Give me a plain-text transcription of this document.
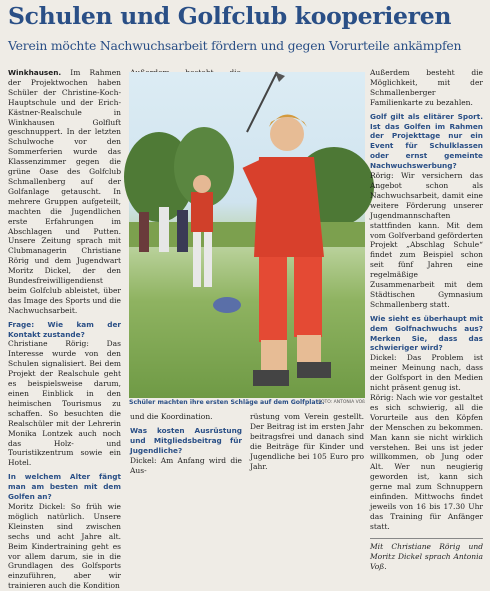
Schulen und Golfclub kooperieren
Verein möchte Nachwuchsarbeit fördern und gegen Vorurteile ankämpfen

Winkhausen. Im Rahmen der Projektwochen haben Schüler der Christine-Koch-Hauptschule und der Erich-Kästner-Realschule in Winkhausen Golfluft geschnuppert. In der letzten Schulwoche vor den Sommerferien wurde das Klassenzimmer gegen die grüne Oase des Golfclub Schmallenberg auf der Golfanlage getauscht. In mehrere Gruppen aufgeteilt, machten die Jugendlichen erste Erfahrungen im Abschlagen und Putten. Unsere Zeitung sprach mit Clubmanagerin Christiane Rörig und dem Jugendwart Moritz Dickel, der den Bundesfreiwilligendienst beim Golfclub ableistet, über das Image des Sports und die Nachwuchsarbeit.

Frage: Wie kam der Kontakt zustande?

Christiane Rörig: Das Interesse wurde von den Schulen signalisiert. Bei dem Projekt der Realschule geht es beispielsweise darum, einen Einblick in den heimischen Tourismus zu schaffen. So besuchten die Realschüler mit der Lehrerin Monika Lontzek auch noch das Holz- und Touristikzentrum sowie ein Hotel.

In welchem Alter fängt man am besten mit dem Golfen an?

Moritz Dickel: So früh wie möglich natürlich. Unsere Kleinsten sind zwischen sechs und acht Jahre alt. Beim Kindertraining geht es vor allem darum, sie in die Grundlagen des Golfsports einzuführen, aber wir trainieren auch die Kondition

Schüler machten ihre ersten Schläge auf dem Golfplatz.
FOTO: ANTONIA VOß

und die Koordination.

Was kosten Ausrüstung und Mitgliedsbeitrag für Jugendliche?

Dickel: Am Anfang wird die Aus-

rüstung vom Verein gestellt. Der Beitrag ist im ersten Jahr beitragsfrei und danach sind die Beiträge für Kinder und Jugendliche bei 105 Euro pro Jahr.

Außerdem besteht die Möglichkeit, mit der Schmallenberger Familienkarte zu bezahlen.

Golf gilt als elitärer Sport. Ist das Golfen im Rahmen der Projekttage nur ein Event für Schulklassen oder ernst gemeinte Nachwuchswerbung?

Rörig: Wir versichern das Angebot schon als Nachwuchsarbeit, damit eine weitere Förderung unserer Jugendmannschaften stattfinden kann. Mit dem vom Golfverband geförderten Projekt „Abschlag Schule“ findet zum Beispiel schon seit fünf Jahren eine regelmäßige Zusammenarbeit mit dem Städtischen Gymnasium Schmallenberg statt.

Wie sieht es überhaupt mit dem Golfnachwuchs aus? Merken Sie, dass das schwieriger wird?

Dickel: Das Problem ist meiner Meinung nach, dass der Golfsport in den Medien nicht präsent genug ist.

Rörig: Nach wie vor gestaltet es sich schwierig, all die Vorurteile aus den Köpfen der Menschen zu bekommen. Man kann sie nicht wirklich verstehen. Bei uns ist jeder willkommen, ob Jung oder Alt. Wer nun neugierig geworden ist, kann sich gerne mal zum Schnuppern einfinden. Mittwochs findet jeweils von 16 bis 17.30 Uhr das Training für Anfänger statt.

Mit Christiane Rörig und Moritz Dickel sprach Antonia Voß.
